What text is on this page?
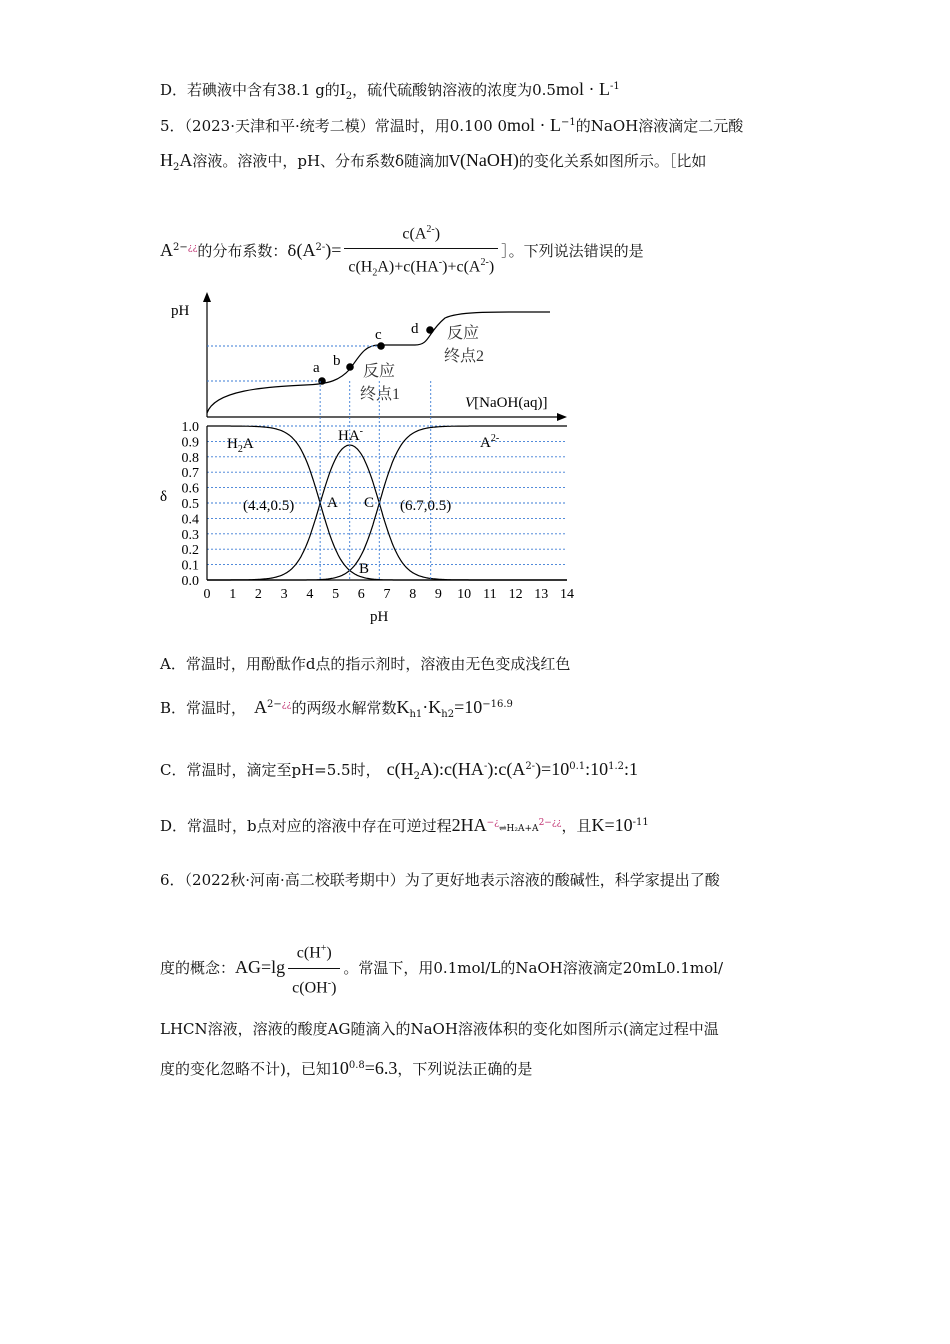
D．若碘液中含有38.1 g的$I_2$，硫代硫酸钠溶液的浓度为$0.5mol \cdot L^{-1}$
5．（2023·天津和平·统考二模）常温时，用0.100 $0mol \cdot L^{-1}$的NaOH溶液滴定二元酸
$H_2A$溶液。溶液中，pH、分布系数δ随滴加V(NaOH)的变化关系如图所示。［比如
$A^{2-¿¿}$的分布系数：$\delta(A^{2-})= \frac{c(A^{2-})}{c(H_2A)+c(HA^-)+c(A^{2-})}$ ］。下列说法错误的是
pH
V[NaOH(aq)]
a b
c d
反应
终点1
反应
终点2
0.0
0.1
0.2
0.3
0.4
0.5
0.6
0.7
0.8
0.9
1.0
0 1 2 3 4 5 6 7 8 9 10 11 12 13 14
δ
pH
$H_2A$	HA-
$A^{2-}$
A C
B
(4.4,0.5)	(6.7,0.5)
A．常温时，用酚酞作d点的指示剂时，溶液由无色变成浅红色
B．常温时， $A^{2-¿¿}$的两级水解常数$K_{h1}\cdot K_{h2}=10^{-16.9}$
C．常温时，滴定至pH=5.5时， $c(H_2A):c(HA^-):c(A^{2-})=10^{0.1}:10^{1.2}:1$
D．常温时，b点对应的溶液中存在可逆过程$2HA^{-¿}\rightleftharpoons H_2A+A^{2-¿¿}$，且$K=10^{-11}$
6．（2022秋·河南·高二校联考期中）为了更好地表示溶液的酸碱性，科学家提出了酸
度的概念：$AG=\lg \frac{c(H^+)}{c(OH^-)}$ 。常温下，用0.1mol/L的NaOH溶液滴定20mL0.1mol/
LHCN溶液，溶液的酸度AG随滴入的NaOH溶液体积的变化如图所示(滴定过程中温
度的变化忽略不计)，已知$10^{0.8}=6.3$，下列说法正确的是
